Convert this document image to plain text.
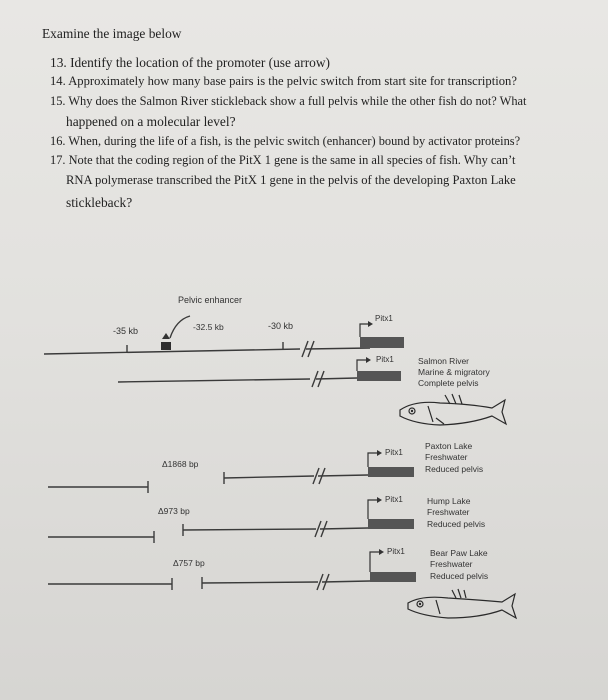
Examine the image below
13. Identify the location of the promoter (use arrow)
14. Approximately how many base pairs is the pelvic switch from start site for transcription?
15. Why does the Salmon River stickleback show a full pelvis while the other fish do not? What
happened on a molecular level?
16. When, during the life of a fish, is the pelvic switch (enhancer) bound by activator proteins?
17. Note that the coding region of the PitX 1 gene is the same in all species of fish. Why can’t
RNA polymerase transcribed the PitX 1 gene in the pelvis of the developing Paxton Lake
stickleback?
Pelvic enhancer
-35 kb	-32.5 kb	-30 kb
Pitx1
Pitx1
Pitx1
Pitx1
Pitx1
Δ1868 bp
Δ973 bp
Δ757 bp
Salmon River
Marine & migratory
Complete pelvis
Paxton Lake
Freshwater
Reduced pelvis
Hump Lake
Freshwater
Reduced pelvis
Bear Paw Lake
Freshwater
Reduced pelvis
